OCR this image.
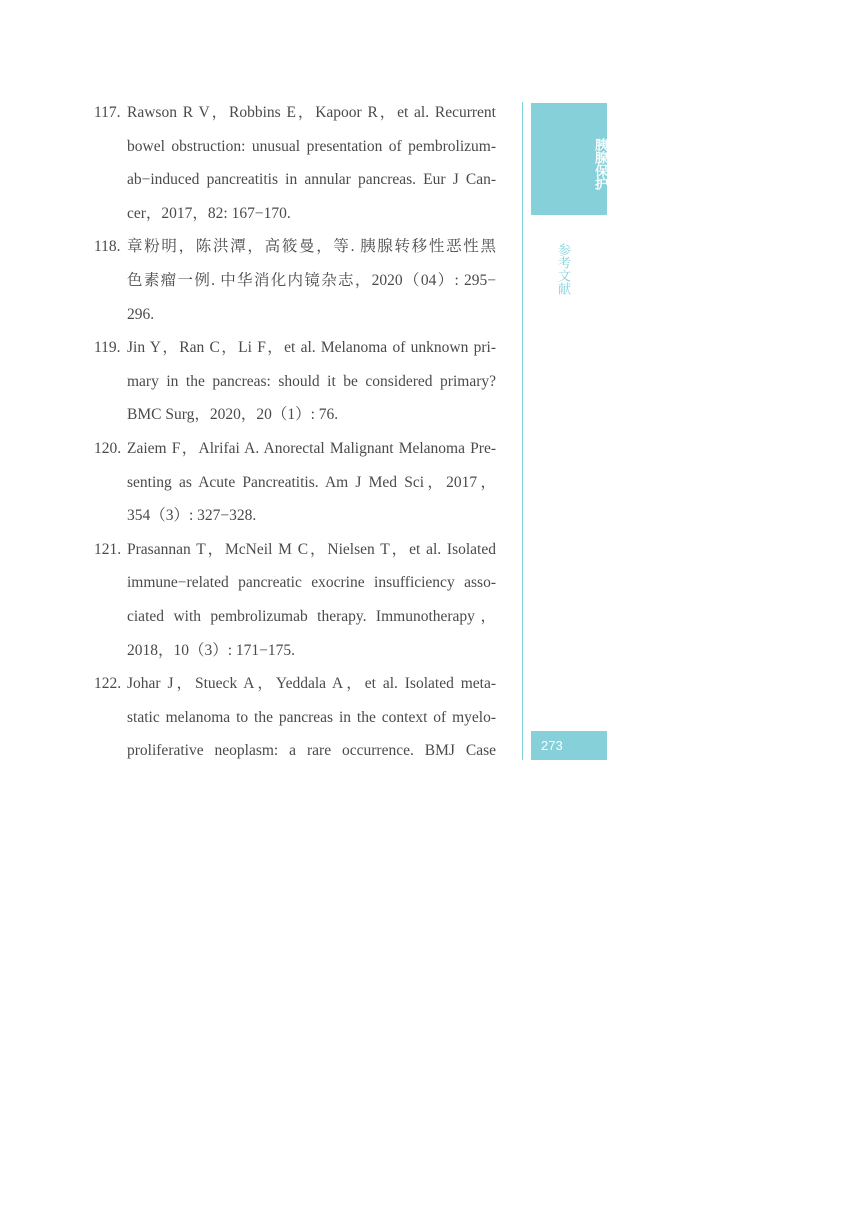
117. Rawson R V，Robbins E，Kapoor R，et al. Recurrent
bowel obstruction: unusual presentation of pembrolizum-
ab−induced pancreatitis in annular pancreas. Eur J Can-
cer，2017，82: 167−170.
118. 章粉明，陈洪潭，高筱曼，等. 胰腺转移性恶性黑
色素瘤一例. 中华消化内镜杂志，2020（04）: 295−
296.
119. Jin Y，Ran C，Li F，et al. Melanoma of unknown pri-
mary in the pancreas: should it be considered primary?
BMC Surg，2020，20（1）: 76.
120. Zaiem F，Alrifai A. Anorectal Malignant Melanoma Pre-
senting as Acute Pancreatitis. Am J Med Sci，2017，
354（3）: 327−328.
121. Prasannan T，McNeil M C，Nielsen T，et al. Isolated
immune−related pancreatic exocrine insufficiency asso-
ciated with pembrolizumab therapy. Immunotherapy，
2018，10（3）: 171−175.
122. Johar J，Stueck A，Yeddala A，et al. Isolated meta-
static melanoma to the pancreas in the context of myelo-
proliferative neoplasm: a rare occurrence. BMJ Case
胰腺保护
参考文献
273
